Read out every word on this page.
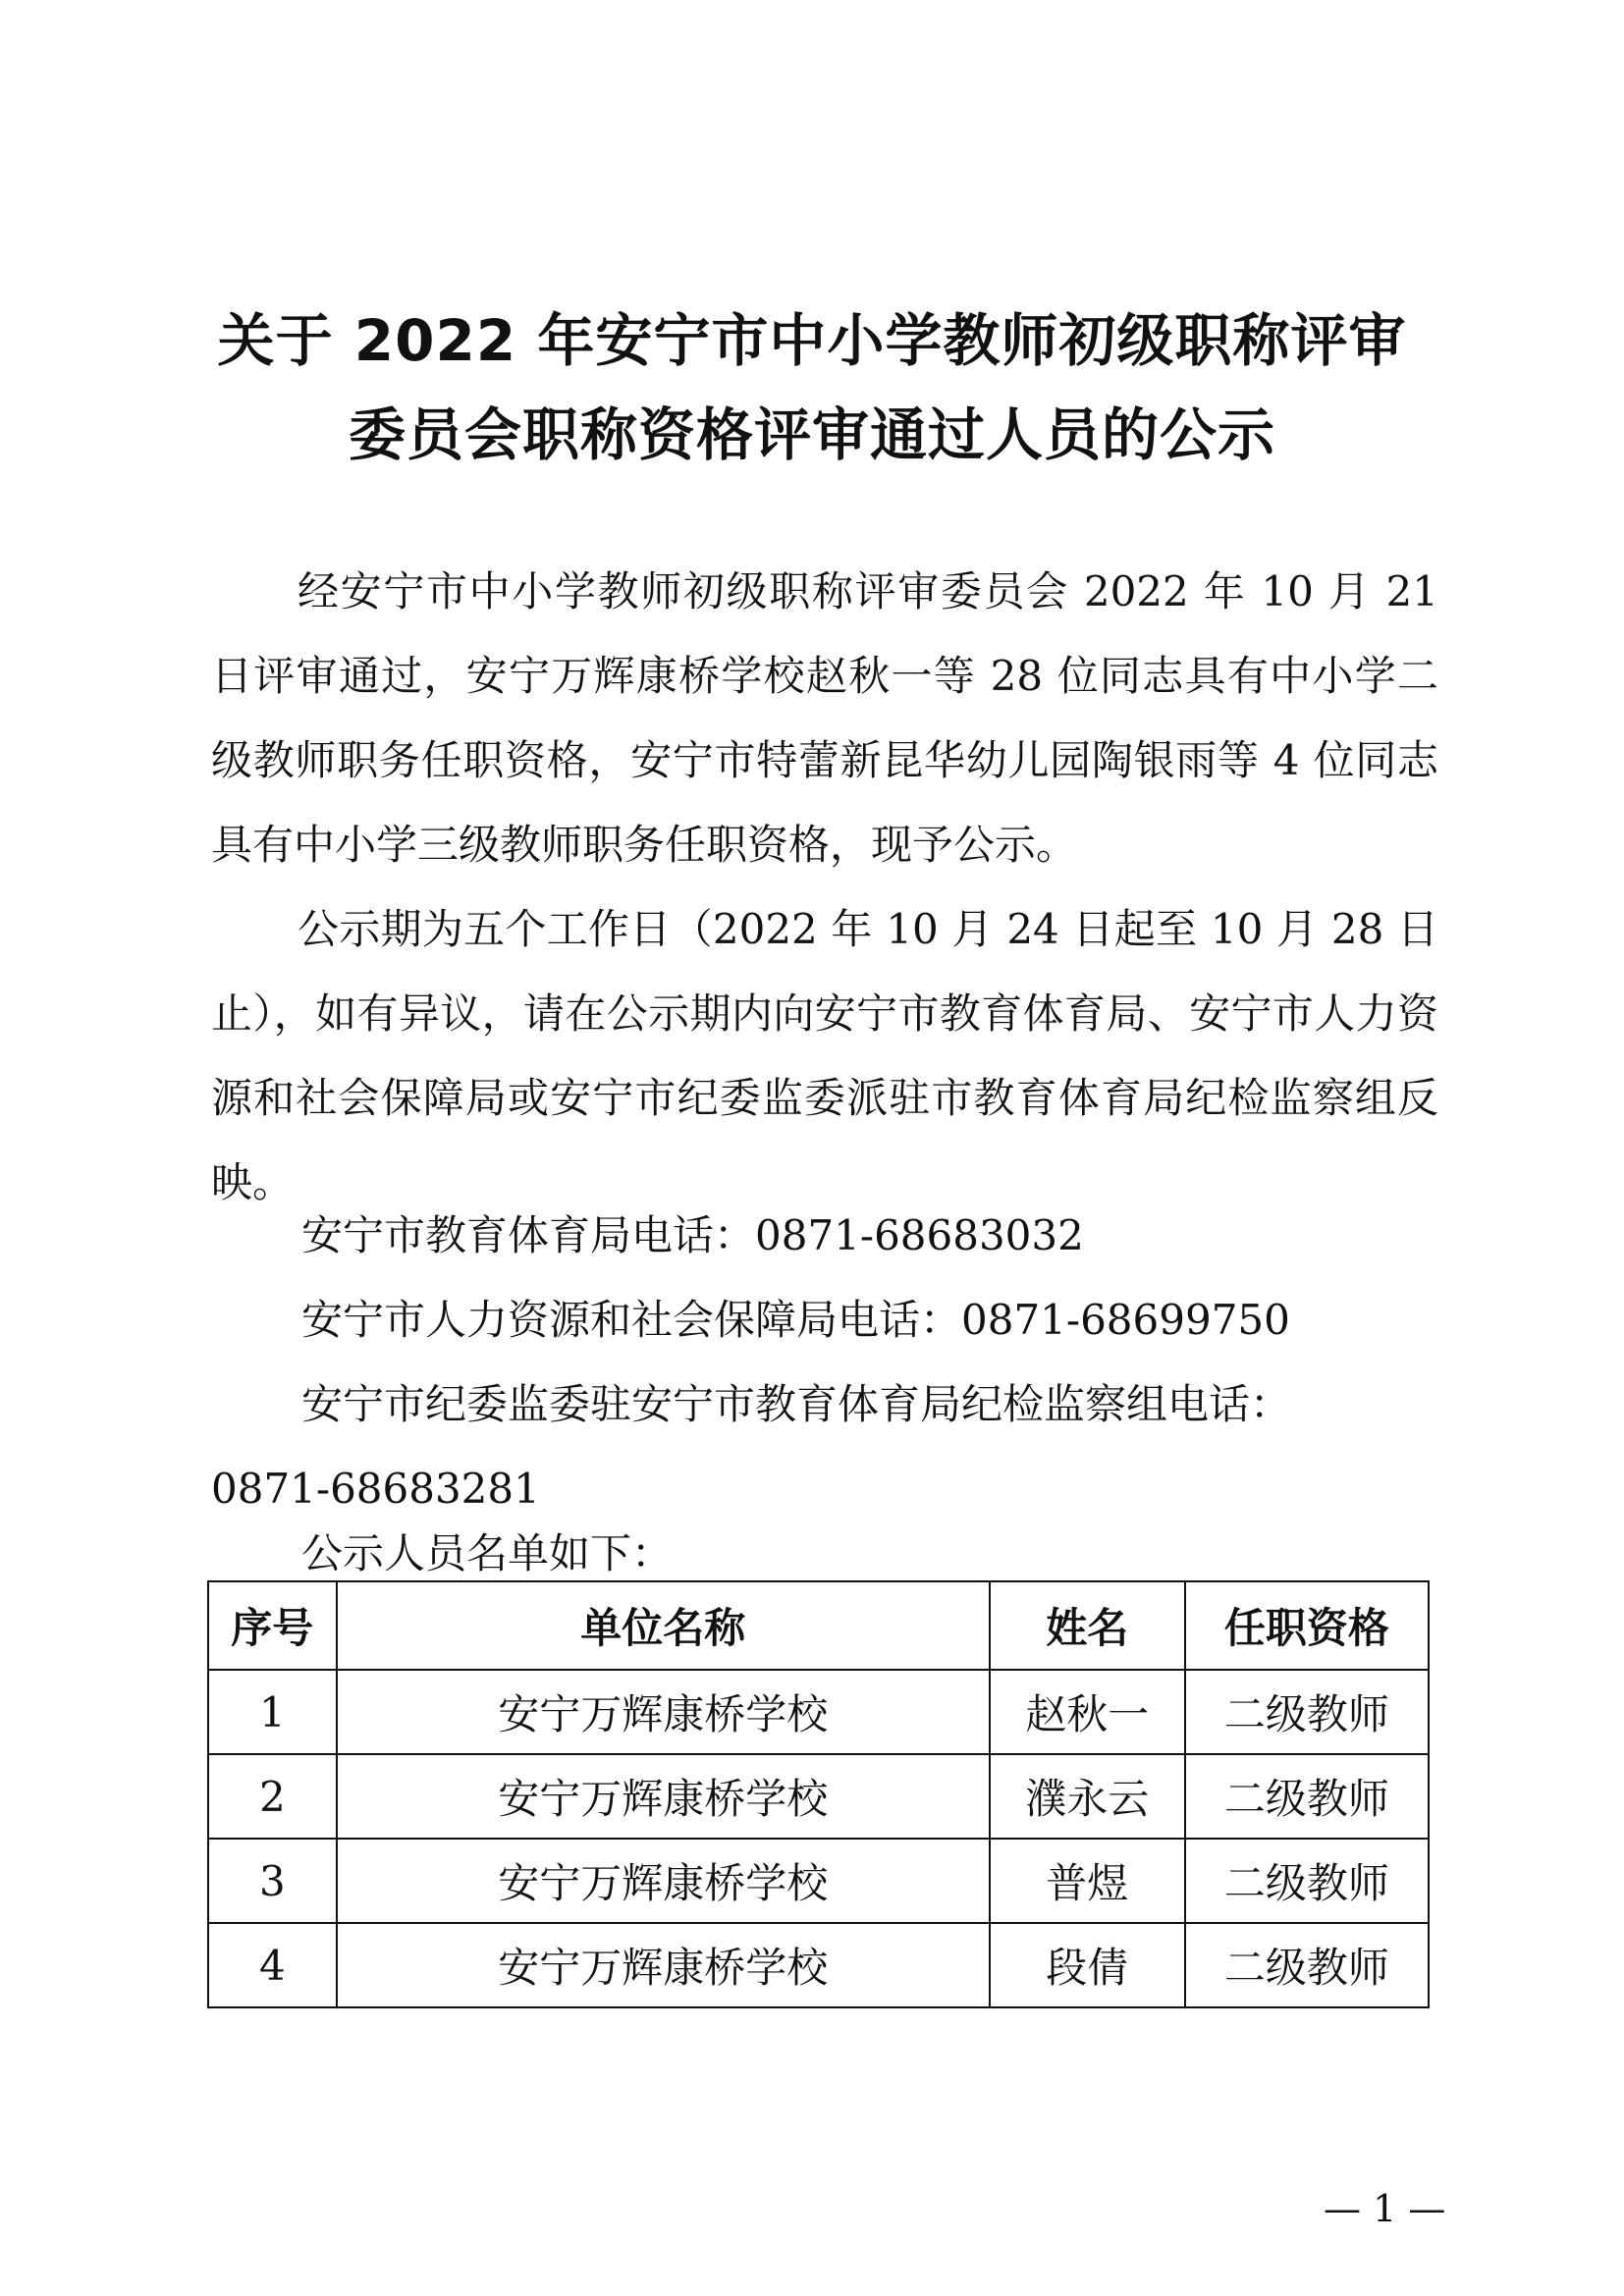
关于 2022 年安宁市中小学教师初级职称评审
委员会职称资格评审通过人员的公示

经安宁市中小学教师初级职称评审委员会 2022 年 10 月 21 日评审通过，安宁万辉康桥学校赵秋一等 28 位同志具有中小学二级教师职务任职资格，安宁市特蕾新昆华幼儿园陶银雨等 4 位同志具有中小学三级教师职务任职资格，现予公示。

公示期为五个工作日（2022 年 10 月 24 日起至 10 月 28 日止），如有异议，请在公示期内向安宁市教育体育局、安宁市人力资源和社会保障局或安宁市纪委监委派驻市教育体育局纪检监察组反映。

安宁市教育体育局电话：0871-68683032

安宁市人力资源和社会保障局电话：0871-68699750

安宁市纪委监委驻安宁市教育体育局纪检监察组电话：

0871-68683281

公示人员名单如下：

序号	单位名称	姓名	任职资格
1	安宁万辉康桥学校	赵秋一	二级教师
2	安宁万辉康桥学校	濮永云	二级教师
3	安宁万辉康桥学校	普煜	二级教师
4	安宁万辉康桥学校	段倩	二级教师
— 1 —
